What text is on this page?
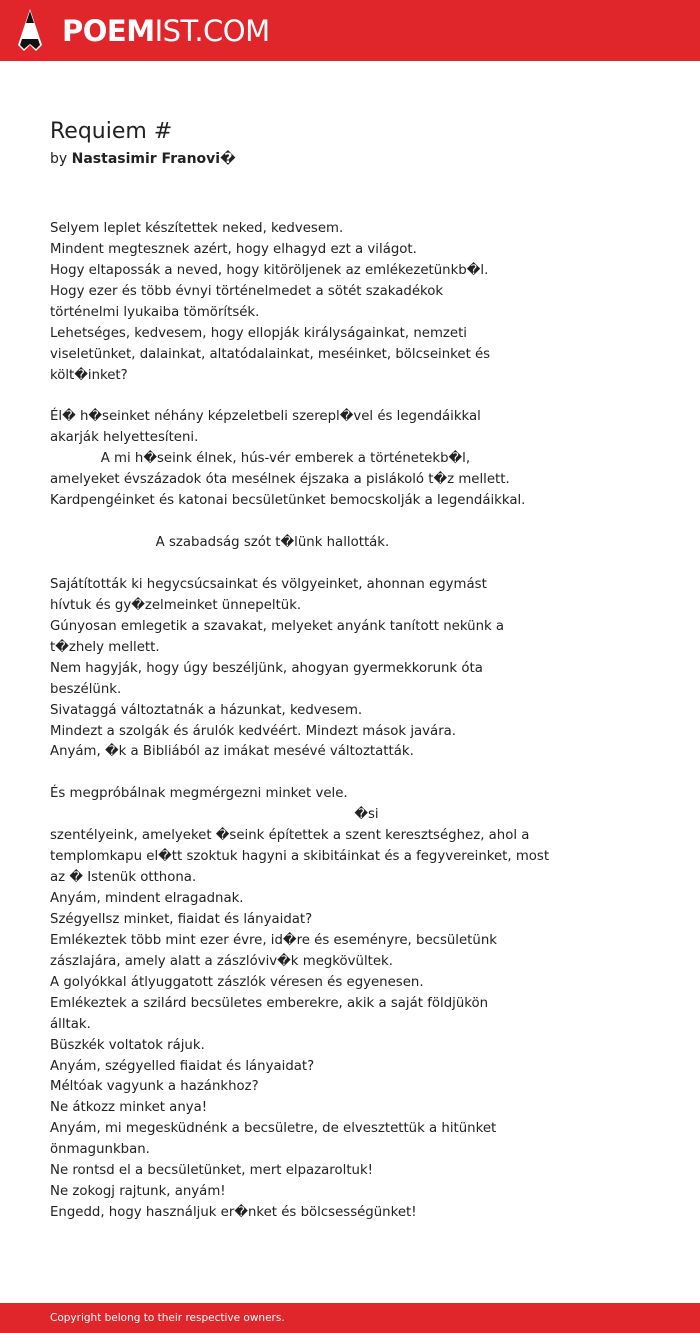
POEMIST.COM
Requiem #
by Nastasimir Franovi�
Selyem leplet készítettek neked, kedvesem.
Mindent megtesznek azért, hogy elhagyd ezt a világot.
Hogy eltapossák a neved, hogy kitöröljenek az emlékezetünkb�l.
Hogy ezer és több évnyi történelmedet a sötét szakadékok
történelmi lyukaiba tömörítsék.
Lehetséges, kedvesem, hogy ellopják királyságainkat, nemzeti
viseletünket, dalainkat, altatódalainkat, meséinket, bölcseinket és
költ�inket?
Él� h�seinket néhány képzeletbeli szerepl�vel és legendáikkal
akarják helyettesíteni.
A mi h�seink élnek, hús-vér emberek a történetekb�l,
amelyeket évszázadok óta mesélnek éjszaka a pislákoló t�z mellett.
Kardpengéinket és katonai becsületünket bemocskolják a legendáikkal.
A szabadság szót t�lünk hallották.
Sajátították ki hegycsúcsainkat és völgyeinket, ahonnan egymást
hívtuk és gy�zelmeinket ünnepeltük.
Gúnyosan emlegetik a szavakat, melyeket anyánk tanított nekünk a
t�zhely mellett.
Nem hagyják, hogy úgy beszéljünk, ahogyan gyermekkorunk óta
beszélünk.
Sivataggá változtatnák a házunkat, kedvesem.
Mindezt a szolgák és árulók kedvéért. Mindezt mások javára.
Anyám, �k a Bibliából az imákat mesévé változtatták.
És megpróbálnak megmérgezni minket vele.
�si
szentélyeink, amelyeket �seink építettek a szent keresztséghez, ahol a
templomkapu el�tt szoktuk hagyni a skibitáinkat és a fegyvereinket, most
az � Istenük otthona.
Anyám, mindent elragadnak.
Szégyellsz minket, fiaidat és lányaidat?
Emlékeztek több mint ezer évre, id�re és eseményre, becsületünk
zászlajára, amely alatt a zászlóviv�k megkövültek.
A golyókkal átlyuggatott zászlók véresen és egyenesen.
Emlékeztek a szilárd becsületes emberekre, akik a saját földjükön
álltak.
Büszkék voltatok rájuk.
Anyám, szégyelled fiaidat és lányaidat?
Méltóak vagyunk a hazánkhoz?
Ne átkozz minket anya!
Anyám, mi megesküdnénk a becsületre, de elvesztettük a hitünket
önmagunkban.
Ne rontsd el a becsületünket, mert elpazaroltuk!
Ne zokogj rajtunk, anyám!
Engedd, hogy használjuk er�nket és bölcsességünket!
Copyright belong to their respective owners.
